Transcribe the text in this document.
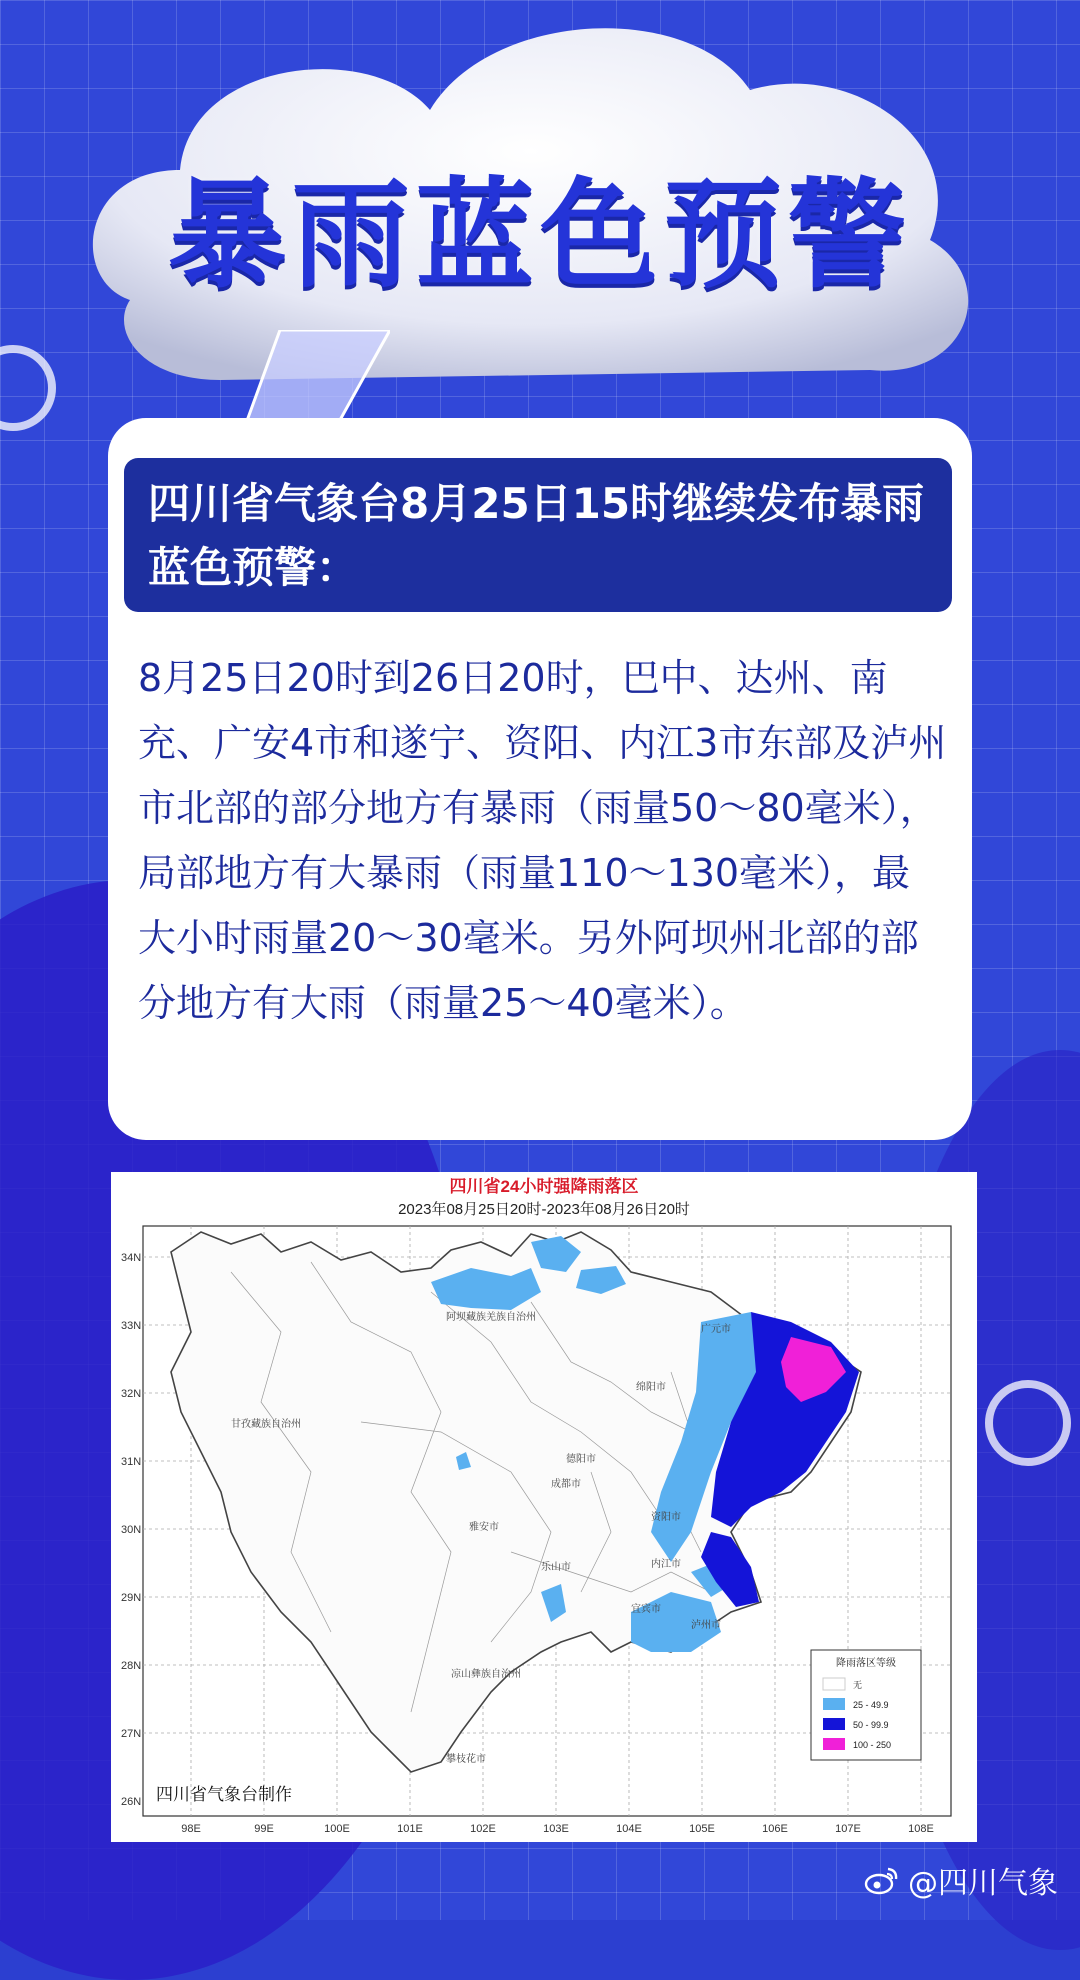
暴雨蓝色预警
四川省气象台8月25日15时继续发布暴雨蓝色预警：
8月25日20时到26日20时，巴中、达州、南充、广安4市和遂宁、资阳、内江3市东部及泸州市北部的部分地方有暴雨（雨量50～80毫米），局部地方有大暴雨（雨量110～130毫米），最大小时雨量20～30毫米。另外阿坝州北部的部分地方有大雨（雨量25～40毫米）。
四川省24小时强降雨落区
2023年08月25日20时-2023年08月26日20时
34N
33N
32N
31N
30N
29N
28N
27N
26N
98E	99E	100E	101E	102E	103E	104E	105E	106E	107E	108E
阿坝藏族羌族自治州
甘孜藏族自治州
凉山彝族自治州
攀枝花市
雅安市
乐山市
宜宾市
泸州市
绵阳市
广元市
德阳市
成都市
资阳市
内江市
四川省气象台制作
降雨落区等级
无
25 - 49.9
50 - 99.9
100 - 250
@四川气象
